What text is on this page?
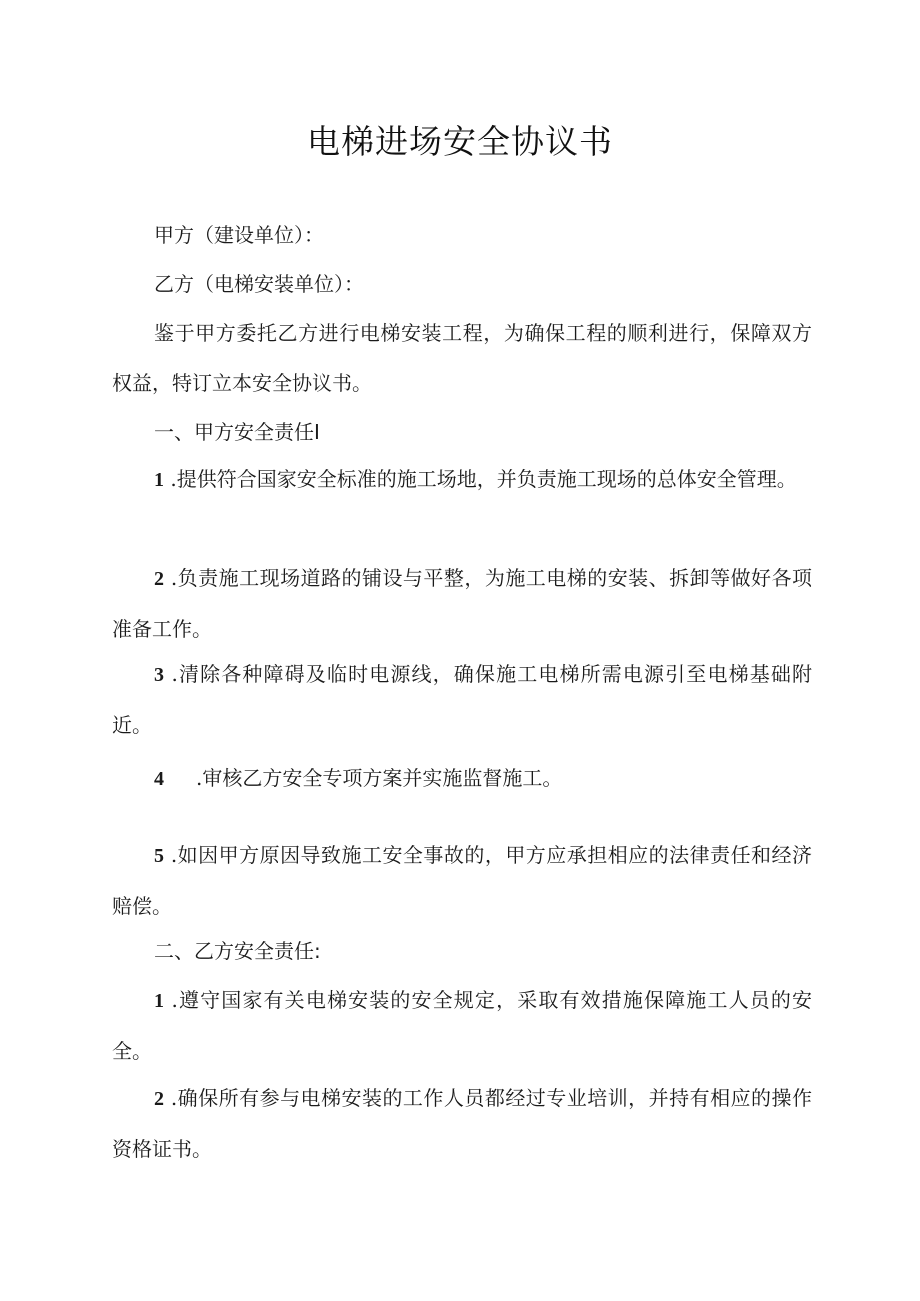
电梯进场安全协议书
甲方（建设单位）：
乙方（电梯安装单位）：
鉴于甲方委托乙方进行电梯安装工程，为确保工程的顺利进行，保障双方权益，特订立本安全协议书。
一、甲方安全责任I
1 .提供符合国家安全标准的施工场地，并负责施工现场的总体安全管理。
2 .负责施工现场道路的铺设与平整，为施工电梯的安装、拆卸等做好各项准备工作。
3 .清除各种障碍及临时电源线，确保施工电梯所需电源引至电梯基础附近。
4 .审核乙方安全专项方案并实施监督施工。
5 .如因甲方原因导致施工安全事故的，甲方应承担相应的法律责任和经济赔偿。
二、乙方安全责任:
1 .遵守国家有关电梯安装的安全规定，采取有效措施保障施工人员的安全。
2 .确保所有参与电梯安装的工作人员都经过专业培训，并持有相应的操作资格证书。
